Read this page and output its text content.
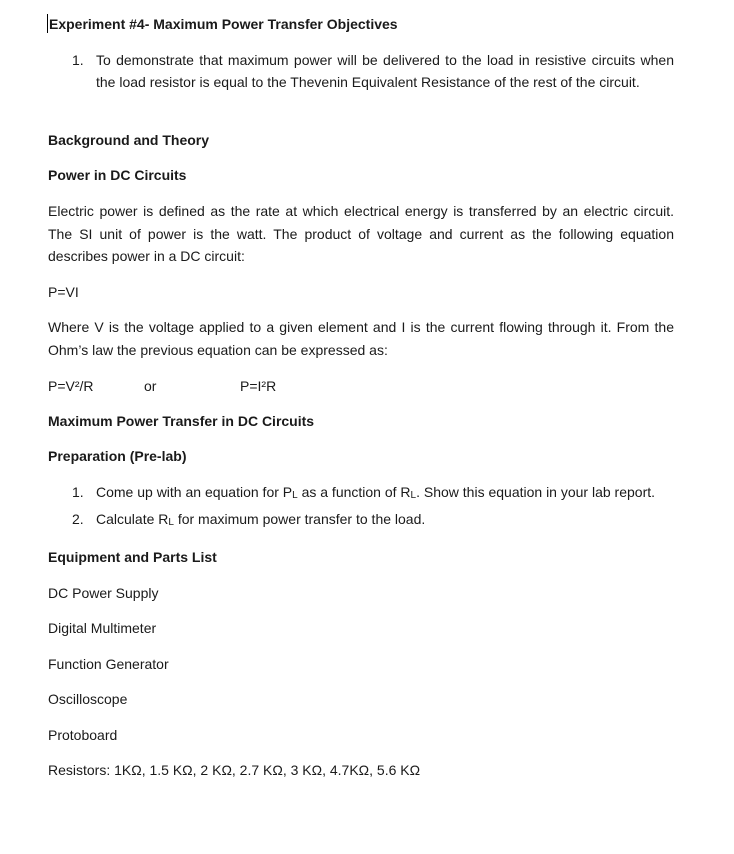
Experiment #4- Maximum Power Transfer Objectives

1. To demonstrate that maximum power will be delivered to the load in resistive circuits when the load resistor is equal to the Thevenin Equivalent Resistance of the rest of the circuit.

Background and Theory

Power in DC Circuits

Electric power is defined as the rate at which electrical energy is transferred by an electric circuit. The SI unit of power is the watt. The product of voltage and current as the following equation describes power in a DC circuit:

P=VI

Where V is the voltage applied to a given element and I is the current flowing through it. From the Ohm’s law the previous equation can be expressed as:

P=V²/R	or	P=I²R

Maximum Power Transfer in DC Circuits

Preparation (Pre-lab)

1. Come up with an equation for $P_L$ as a function of $R_L$. Show this equation in your lab report.
2. Calculate $R_L$ for maximum power transfer to the load.

Equipment and Parts List

DC Power Supply

Digital Multimeter

Function Generator

Oscilloscope

Protoboard

Resistors: 1KΩ, 1.5 KΩ, 2 KΩ, 2.7 KΩ, 3 KΩ, 4.7KΩ, 5.6 KΩ
